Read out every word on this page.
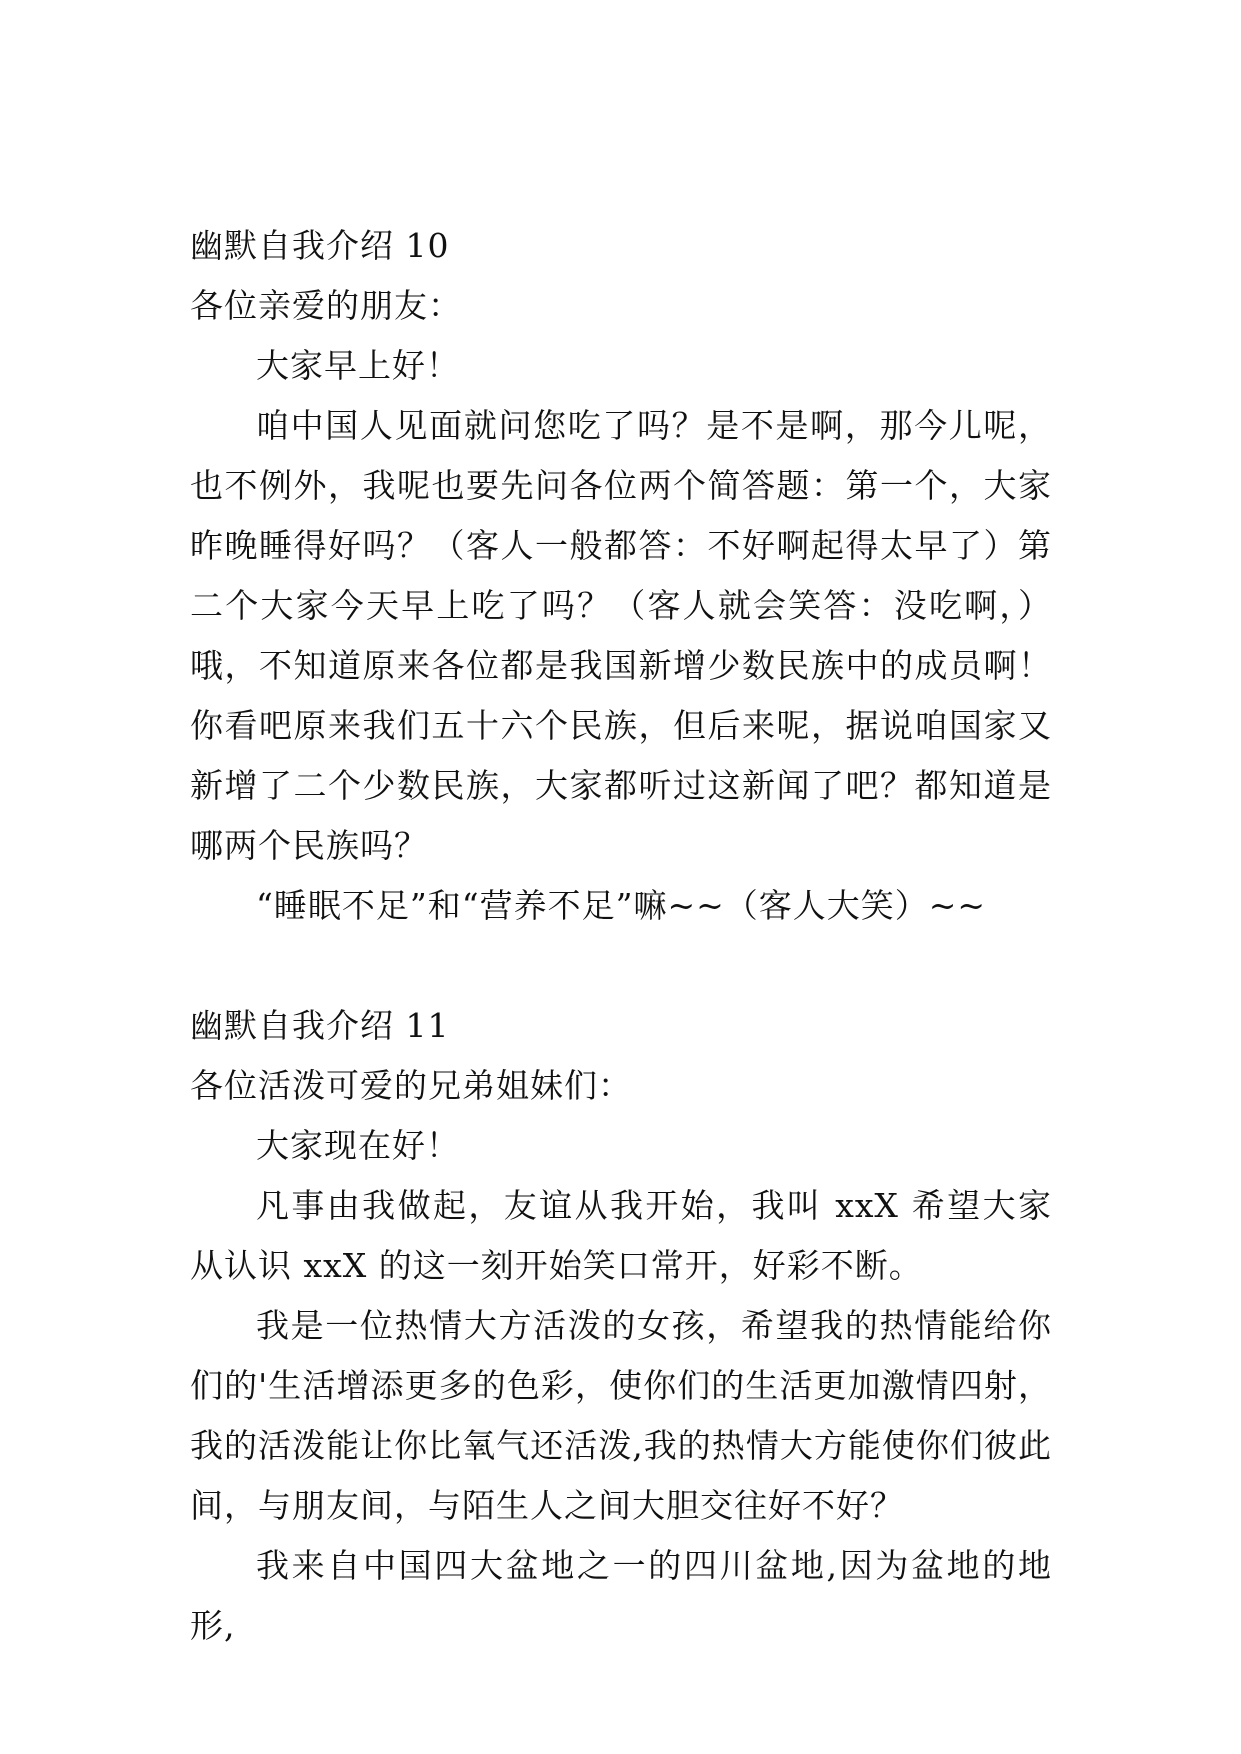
幽默自我介绍 10

各位亲爱的朋友：

大家早上好！

咱中国人见面就问您吃了吗？是不是啊，那今儿呢，也不例外，我呢也要先问各位两个简答题：第一个，大家昨晚睡得好吗？（客人一般都答：不好啊起得太早了）第二个大家今天早上吃了吗？（客人就会笑答：没吃啊，）哦，不知道原来各位都是我国新增少数民族中的成员啊！你看吧原来我们五十六个民族，但后来呢，据说咱国家又新增了二个少数民族，大家都听过这新闻了吧？都知道是哪两个民族吗？

“睡眠不足”和“营养不足”嘛~~（客人大笑）~~

幽默自我介绍 11

各位活泼可爱的兄弟姐妹们：

大家现在好！

凡事由我做起，友谊从我开始，我叫 xxX 希望大家从认识 xxX 的这一刻开始笑口常开，好彩不断。

我是一位热情大方活泼的女孩，希望我的热情能给你们的'生活增添更多的色彩，使你们的生活更加激情四射，我的活泼能让你比氧气还活泼,我的热情大方能使你们彼此间，与朋友间，与陌生人之间大胆交往好不好？

我来自中国四大盆地之一的四川盆地,因为盆地的地形,
